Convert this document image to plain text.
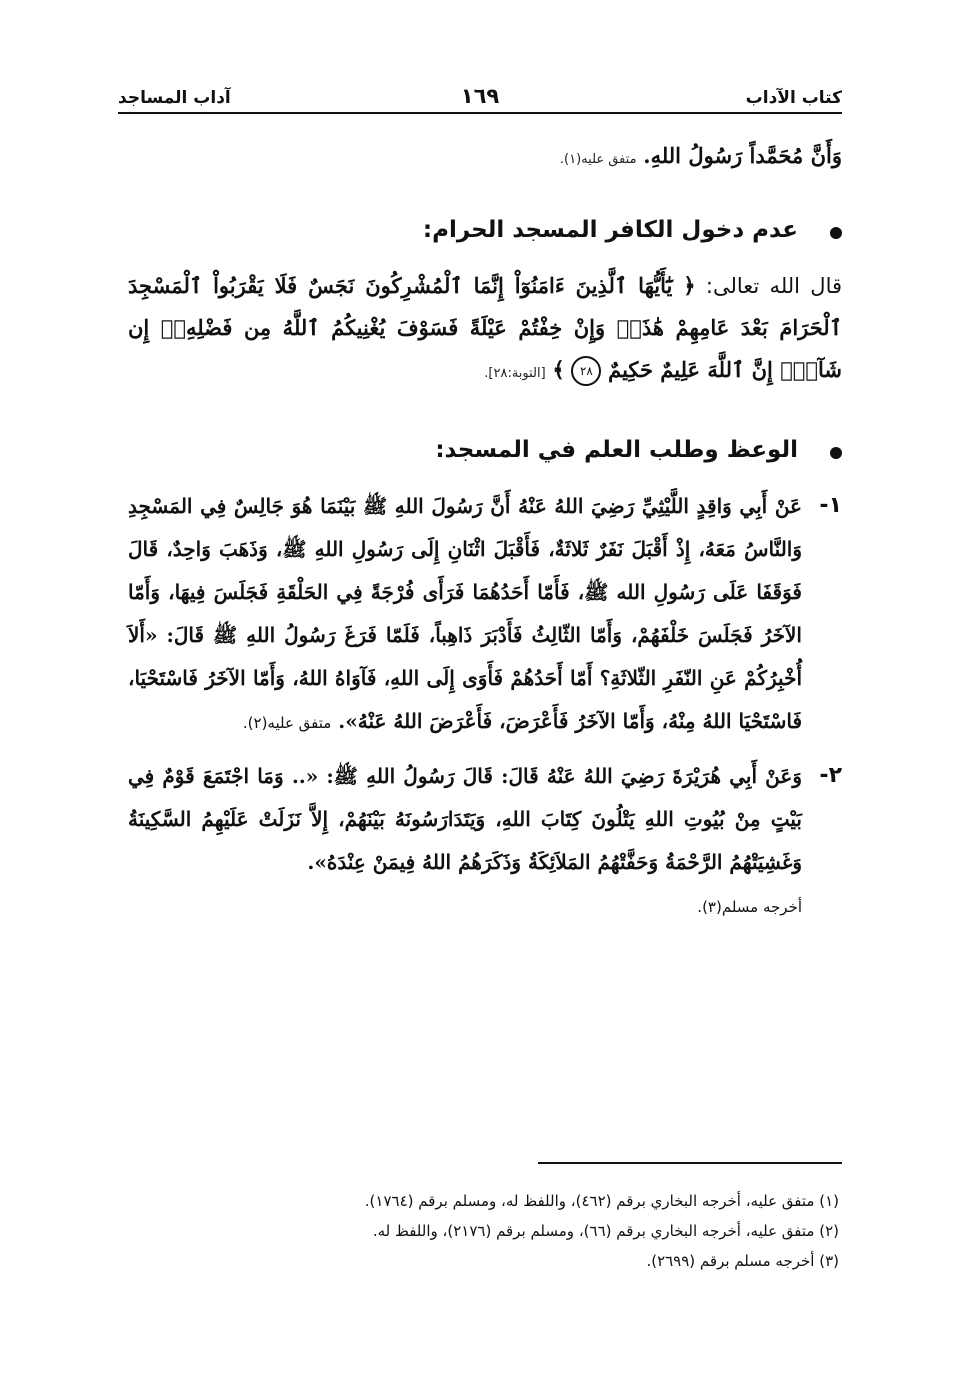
كتاب الآداب
١٦٩
آداب المساجد

وَأَنَّ مُحَمَّداً رَسُولُ اللهِ. متفق عليه(١).

عدم دخول الكافر المسجد الحرام:

قال الله تعالى: ﴿ يَٰٓأَيُّهَا ٱلَّذِينَ ءَامَنُوٓاْ إِنَّمَا ٱلْمُشْرِكُونَ نَجَسٌ فَلَا يَقْرَبُواْ ٱلْمَسْجِدَ ٱلْحَرَامَ بَعْدَ عَامِهِمْ هَٰذَاۚ وَإِنْ خِفْتُمْ عَيْلَةً فَسَوْفَ يُغْنِيكُمُ ٱللَّهُ مِن فَضْلِهِۦٓ إِن شَآءَۚ إِنَّ ٱللَّهَ عَلِيمٌ حَكِيمٌ ٢٨ ﴾ [التوبة:٢٨].

الوعظ وطلب العلم في المسجد:
١-

عَنْ أَبِي وَاقِدٍ اللَّيْثِيِّ رَضِيَ اللهُ عَنْهُ أَنَّ رَسُولَ اللهِ ﷺ بَيْنَمَا هُوَ جَالِسٌ فِي المَسْجِدِ وَالنَّاسُ مَعَهُ، إِذْ أَقْبَلَ نَفَرٌ ثَلاثَةٌ، فَأَقْبَلَ اثْنَانِ إِلَى رَسُولِ اللهِ ﷺ، وَذَهَبَ وَاحِدٌ، قَالَ فَوَقَفَا عَلَى رَسُولِ الله ﷺ، فَأَمّا أَحَدُهُمَا فَرَأَى فُرْجَةً فِي الحَلْقَةِ فَجَلَسَ فِيهَا، وَأَمّا الآخَرُ فَجَلَسَ خَلْفَهُمْ، وَأَمّا الثّالِثُ فَأَدْبَرَ ذَاهِباً، فَلَمّا فَرَغَ رَسُولُ اللهِ ﷺ قَالَ: «أَلاَ أُخْبِرُكُمْ عَنِ النّفَرِ الثّلاثَةِ؟ أَمّا أَحَدُهُمْ فَأَوَى إِلَى اللهِ، فَآوَاهُ اللهُ، وَأَمّا الآخَرُ فَاسْتَحْيَا، فَاسْتَحْيَا اللهُ مِنْهُ، وَأَمّا الآخَرُ فَأَعْرَضَ، فَأَعْرَضَ اللهُ عَنْهُ». متفق عليه(٢).

٢-

وَعَنْ أَبِي هُرَيْرَةَ رَضِيَ اللهُ عَنْهُ قَالَ: قَالَ رَسُولُ اللهِ ﷺ: «.. وَمَا اجْتَمَعَ قَوْمٌ فِي بَيْتٍ مِنْ بُيُوتِ اللهِ يَتْلُونَ كِتَابَ اللهِ، وَيَتَدَارَسُونَهُ بَيْنَهُمْ، إِلاَّ نَزَلَتْ عَلَيْهِمُ السَّكِينَةُ وَغَشِيَتْهُمُ الرَّحْمَةُ وَحَفَّتْهُمُ المَلاَئِكَةُ وَذَكَرَهُمُ اللهُ فِيمَنْ عِنْدَهُ».
أخرجه مسلم(٣).

(١) متفق عليه، أخرجه البخاري برقم (٤٦٢)، واللفظ له، ومسلم برقم (١٧٦٤).
(٢) متفق عليه، أخرجه البخاري برقم (٦٦)، ومسلم برقم (٢١٧٦)، واللفظ له.
(٣) أخرجه مسلم برقم (٢٦٩٩).
